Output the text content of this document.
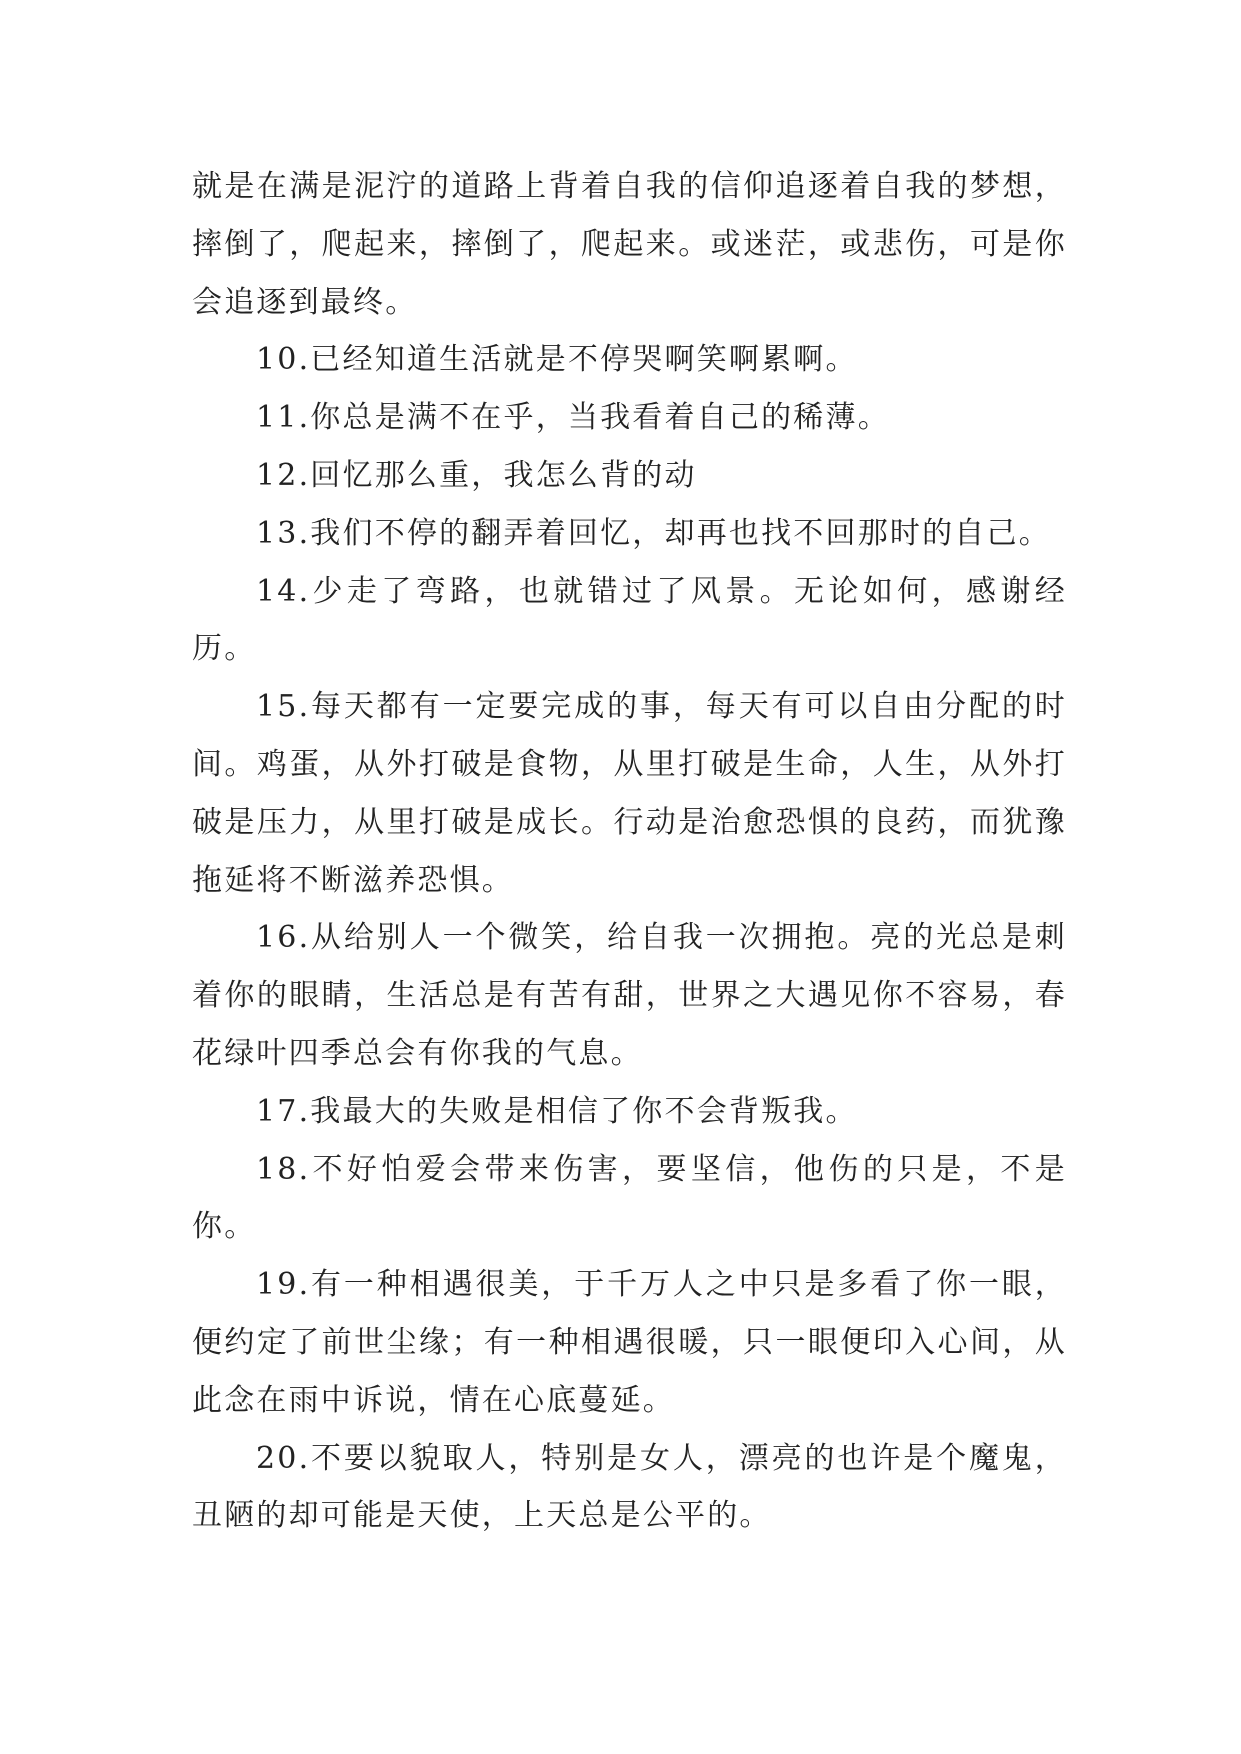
就是在满是泥泞的道路上背着自我的信仰追逐着自我的梦想，摔倒了，爬起来，摔倒了，爬起来。或迷茫，或悲伤，可是你会追逐到最终。

10.已经知道生活就是不停哭啊笑啊累啊。

11.你总是满不在乎，当我看着自己的稀薄。

12.回忆那么重，我怎么背的动

13.我们不停的翻弄着回忆，却再也找不回那时的自己。

14.少走了弯路，也就错过了风景。无论如何，感谢经历。

15.每天都有一定要完成的事，每天有可以自由分配的时间。鸡蛋，从外打破是食物，从里打破是生命，人生，从外打破是压力，从里打破是成长。行动是治愈恐惧的良药，而犹豫拖延将不断滋养恐惧。

16.从给别人一个微笑，给自我一次拥抱。亮的光总是刺着你的眼睛，生活总是有苦有甜，世界之大遇见你不容易，春花绿叶四季总会有你我的气息。

17.我最大的失败是相信了你不会背叛我。

18.不好怕爱会带来伤害，要坚信，他伤的只是，不是你。

19.有一种相遇很美，于千万人之中只是多看了你一眼，便约定了前世尘缘；有一种相遇很暖，只一眼便印入心间，从此念在雨中诉说，情在心底蔓延。

20.不要以貌取人，特别是女人，漂亮的也许是个魔鬼，丑陋的却可能是天使，上天总是公平的。
